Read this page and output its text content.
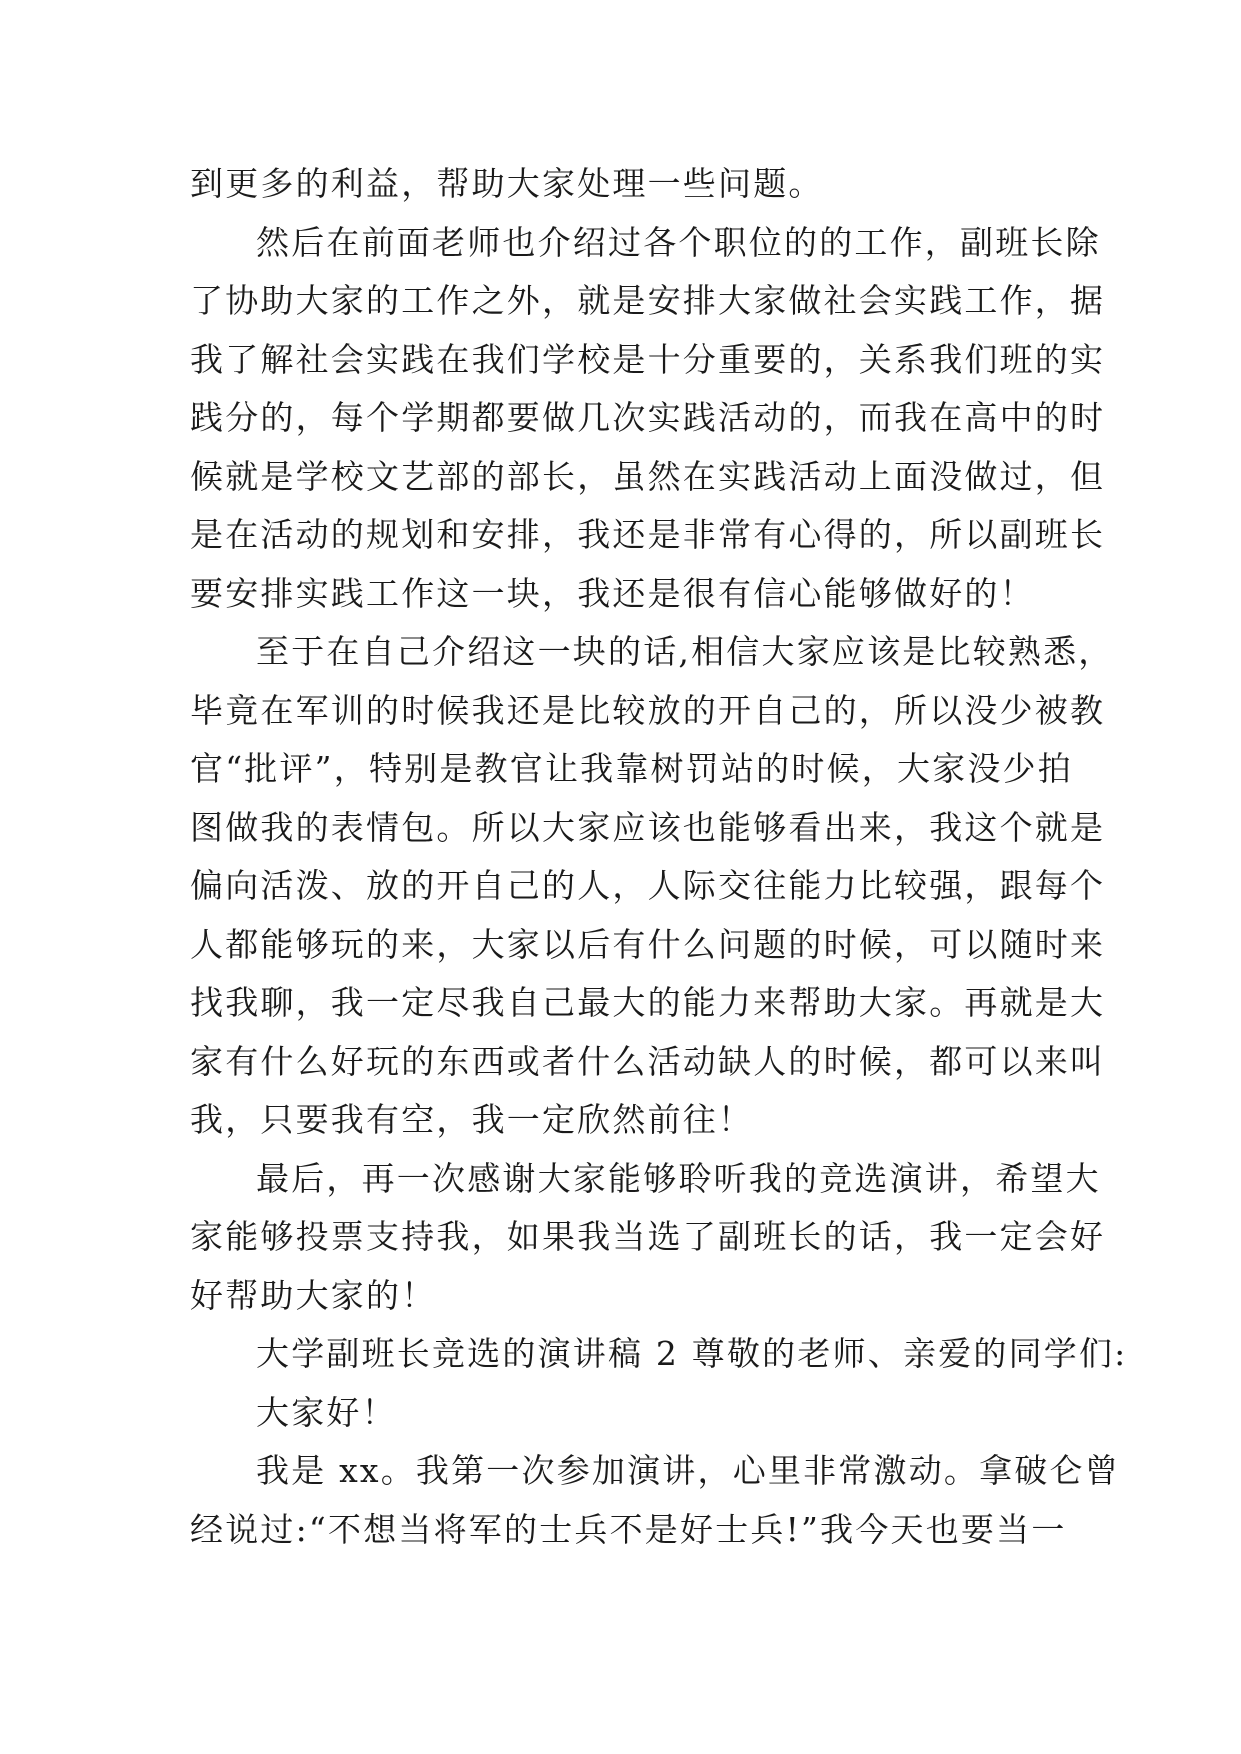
到更多的利益，帮助大家处理一些问题。
然后在前面老师也介绍过各个职位的的工作，副班长除
了协助大家的工作之外，就是安排大家做社会实践工作，据
我了解社会实践在我们学校是十分重要的，关系我们班的实
践分的，每个学期都要做几次实践活动的，而我在高中的时
候就是学校文艺部的部长，虽然在实践活动上面没做过，但
是在活动的规划和安排，我还是非常有心得的，所以副班长
要安排实践工作这一块，我还是很有信心能够做好的！
至于在自己介绍这一块的话,相信大家应该是比较熟悉，
毕竟在军训的时候我还是比较放的开自己的，所以没少被教
官“批评”，特别是教官让我靠树罚站的时候，大家没少拍
图做我的表情包。所以大家应该也能够看出来，我这个就是
偏向活泼、放的开自己的人，人际交往能力比较强，跟每个
人都能够玩的来，大家以后有什么问题的时候，可以随时来
找我聊，我一定尽我自己最大的能力来帮助大家。再就是大
家有什么好玩的东西或者什么活动缺人的时候，都可以来叫
我，只要我有空，我一定欣然前往！
最后，再一次感谢大家能够聆听我的竞选演讲，希望大
家能够投票支持我，如果我当选了副班长的话，我一定会好
好帮助大家的！
大学副班长竞选的演讲稿 2 尊敬的老师、亲爱的同学们:
大家好！
我是 xx。我第一次参加演讲，心里非常激动。拿破仑曾
经说过:“不想当将军的士兵不是好士兵!”我今天也要当一
